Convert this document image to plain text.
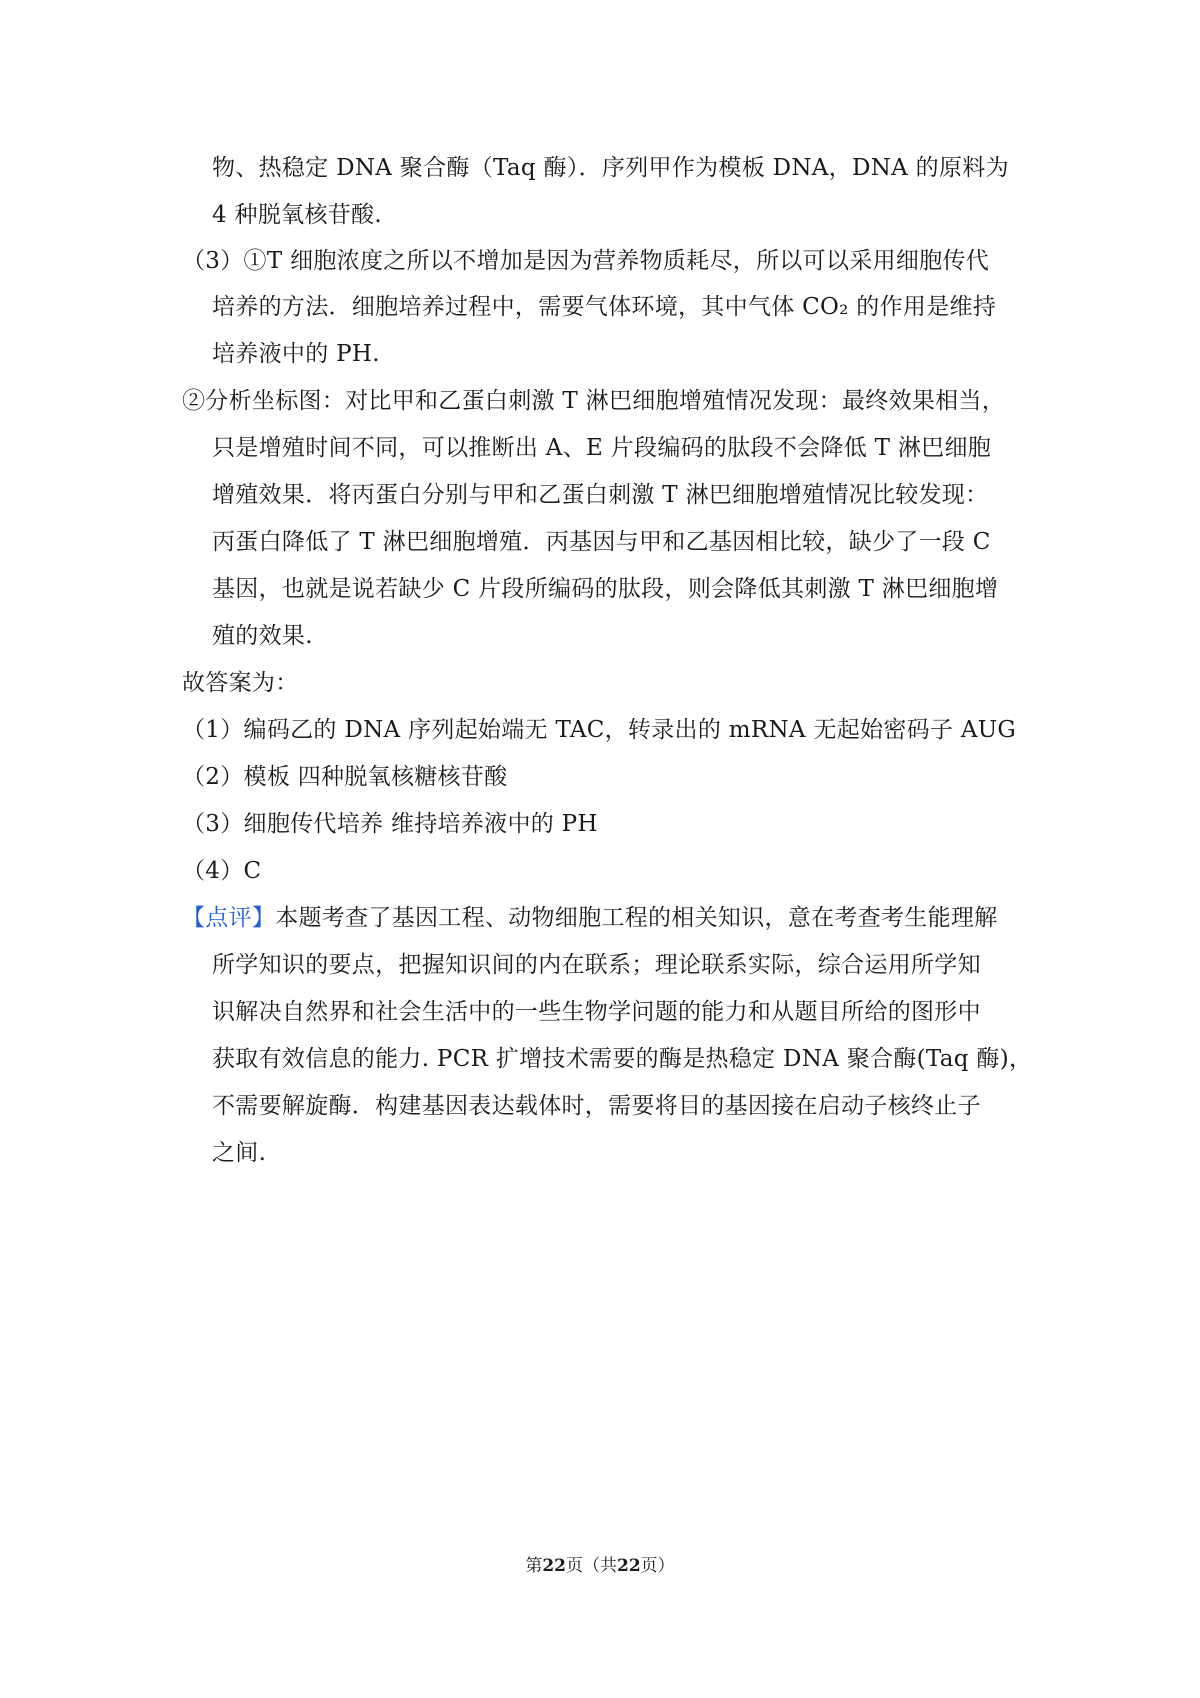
物、热稳定 DNA 聚合酶（Taq 酶）．序列甲作为模板 DNA，DNA 的原料为
4 种脱氧核苷酸.
（3）①T 细胞浓度之所以不增加是因为营养物质耗尽，所以可以采用细胞传代
培养的方法．细胞培养过程中，需要气体环境，其中气体 CO₂ 的作用是维持
培养液中的 PH.
②分析坐标图：对比甲和乙蛋白刺激 T 淋巴细胞增殖情况发现：最终效果相当，
只是增殖时间不同，可以推断出 A、E 片段编码的肽段不会降低 T 淋巴细胞
增殖效果．将丙蛋白分别与甲和乙蛋白刺激 T 淋巴细胞增殖情况比较发现：
丙蛋白降低了 T 淋巴细胞增殖．丙基因与甲和乙基因相比较，缺少了一段 C
基因，也就是说若缺少 C 片段所编码的肽段，则会降低其刺激 T 淋巴细胞增
殖的效果.
故答案为：
（1）编码乙的 DNA 序列起始端无 TAC，转录出的 mRNA 无起始密码子 AUG
（2）模板 四种脱氧核糖核苷酸
（3）细胞传代培养 维持培养液中的 PH
（4）C
【点评】本题考查了基因工程、动物细胞工程的相关知识，意在考查考生能理解
所学知识的要点，把握知识间的内在联系；理论联系实际，综合运用所学知
识解决自然界和社会生活中的一些生物学问题的能力和从题目所给的图形中
获取有效信息的能力. PCR 扩增技术需要的酶是热稳定 DNA 聚合酶(Taq 酶)，
不需要解旋酶．构建基因表达载体时，需要将目的基因接在启动子核终止子
之间.
第22页（共22页）
